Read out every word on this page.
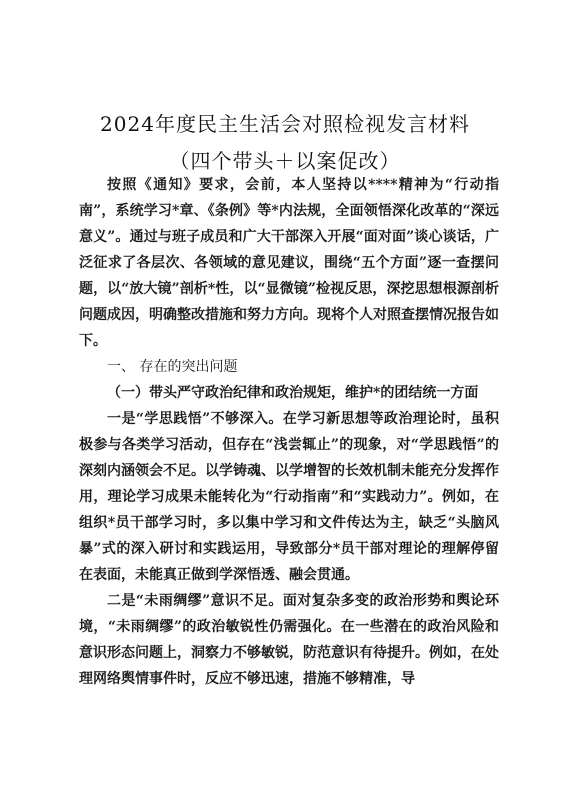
2024年度民主生活会对照检视发言材料
（四个带头＋以案促改）

按照《通知》要求，会前，本人坚持以****精神为“行动指南”，系统学习*章、《条例》等*内法规，全面领悟深化改革的“深远意义”。通过与班子成员和广大干部深入开展“面对面”谈心谈话，广泛征求了各层次、各领域的意见建议，围绕“五个方面”逐一查摆问题，以“放大镜”剖析*性，以“显微镜”检视反思，深挖思想根源剖析问题成因，明确整改措施和努力方向。现将个人对照查摆情况报告如下。

一、 存在的突出问题

（一）带头严守政治纪律和政治规矩，维护*的团结统一方面

一是“学思践悟”不够深入。在学习新思想等政治理论时，虽积极参与各类学习活动，但存在“浅尝辄止”的现象，对“学思践悟”的深刻内涵领会不足。以学铸魂、以学增智的长效机制未能充分发挥作用，理论学习成果未能转化为“行动指南”和“实践动力”。例如，在组织*员干部学习时，多以集中学习和文件传达为主，缺乏“头脑风暴”式的深入研讨和实践运用，导致部分*员干部对理论的理解停留在表面，未能真正做到学深悟透、融会贯通。

二是“未雨绸缪”意识不足。面对复杂多变的政治形势和舆论环境，“未雨绸缪”的政治敏锐性仍需强化。在一些潜在的政治风险和意识形态问题上，洞察力不够敏锐，防范意识有待提升。例如，在处理网络舆情事件时，反应不够迅速，措施不够精准，导
